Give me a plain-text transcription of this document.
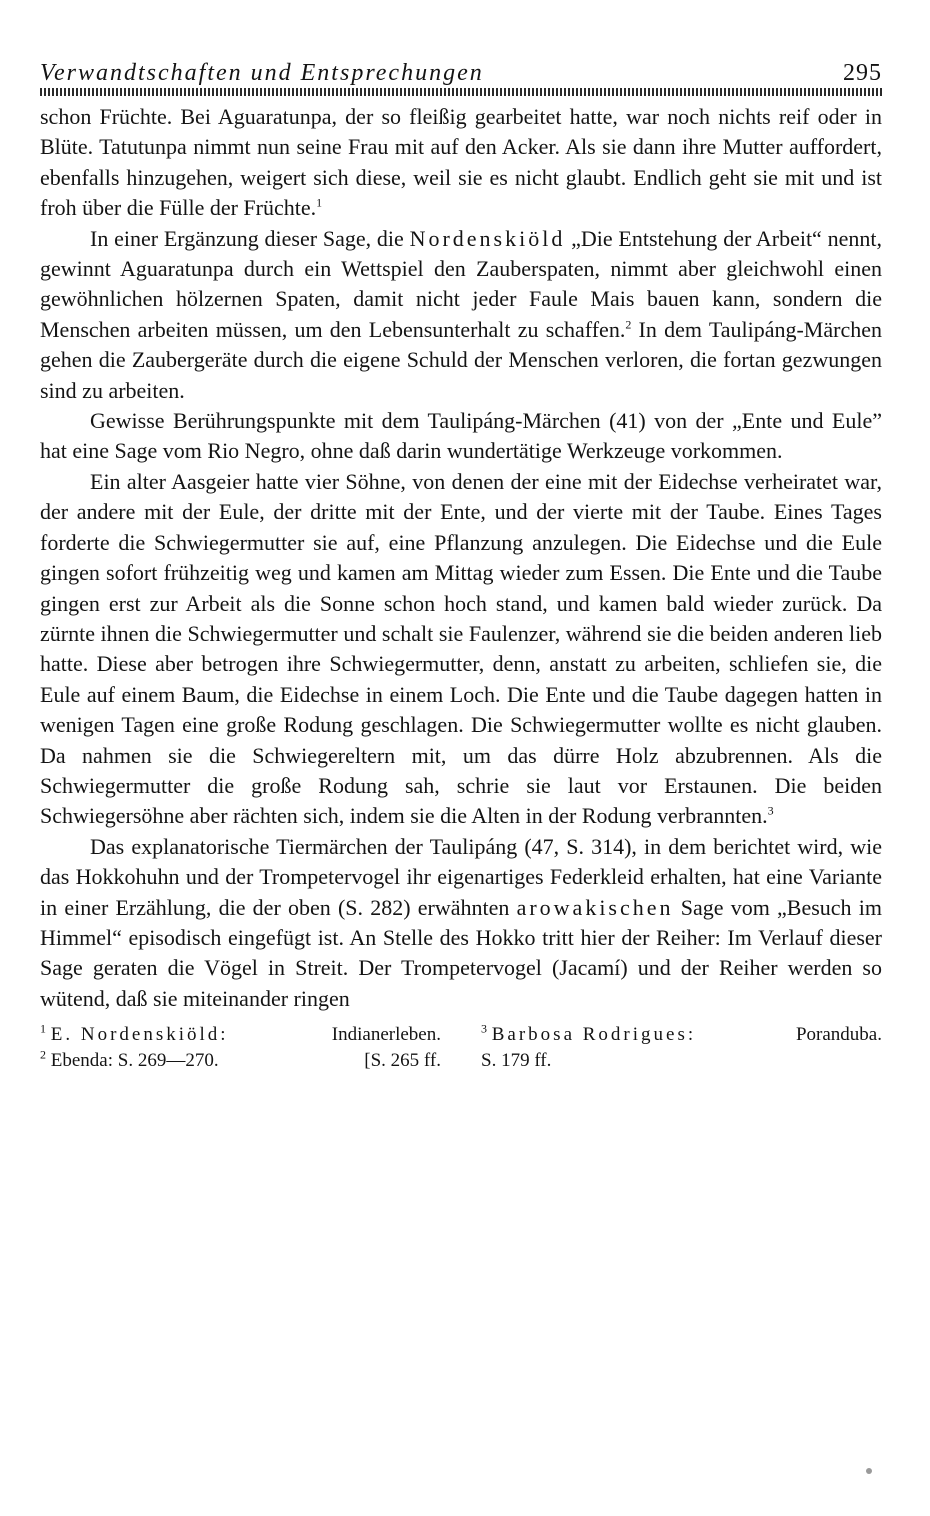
Verwandtschaften und Entsprechungen	295

schon Früchte. Bei Aguaratunpa, der so fleißig gearbeitet hatte, war noch nichts reif oder in Blüte. Tatutunpa nimmt nun seine Frau mit auf den Acker. Als sie dann ihre Mutter auffordert, ebenfalls hinzugehen, weigert sich diese, weil sie es nicht glaubt. Endlich geht sie mit und ist froh über die Fülle der Früchte.$^1$

In einer Ergänzung dieser Sage, die Nordenskiöld „Die Entstehung der Arbeit“ nennt, gewinnt Aguaratunpa durch ein Wettspiel den Zauberspaten, nimmt aber gleichwohl einen gewöhnlichen hölzernen Spaten, damit nicht jeder Faule Mais bauen kann, sondern die Menschen arbeiten müssen, um den Lebensunterhalt zu schaffen.$^2$ In dem Taulipáng-Märchen gehen die Zaubergeräte durch die eigene Schuld der Menschen verloren, die fortan gezwungen sind zu arbeiten.

Gewisse Berührungspunkte mit dem Taulipáng-Märchen (41) von der „Ente und Eule” hat eine Sage vom Rio Negro, ohne daß darin wundertätige Werkzeuge vorkommen.

Ein alter Aasgeier hatte vier Söhne, von denen der eine mit der Eidechse verheiratet war, der andere mit der Eule, der dritte mit der Ente, und der vierte mit der Taube. Eines Tages forderte die Schwiegermutter sie auf, eine Pflanzung anzulegen. Die Eidechse und die Eule gingen sofort frühzeitig weg und kamen am Mittag wieder zum Essen. Die Ente und die Taube gingen erst zur Arbeit als die Sonne schon hoch stand, und kamen bald wieder zurück. Da zürnte ihnen die Schwiegermutter und schalt sie Faulenzer, während sie die beiden anderen lieb hatte. Diese aber betrogen ihre Schwiegermutter, denn, anstatt zu arbeiten, schliefen sie, die Eule auf einem Baum, die Eidechse in einem Loch. Die Ente und die Taube dagegen hatten in wenigen Tagen eine große Rodung geschlagen. Die Schwiegermutter wollte es nicht glauben. Da nahmen sie die Schwiegereltern mit, um das dürre Holz abzubrennen. Als die Schwiegermutter die große Rodung sah, schrie sie laut vor Erstaunen. Die beiden Schwiegersöhne aber rächten sich, indem sie die Alten in der Rodung verbrannten.$^3$

Das explanatorische Tiermärchen der Taulipáng (47, S. 314), in dem berichtet wird, wie das Hokkohuhn und der Trompetervogel ihr eigenartiges Federkleid erhalten, hat eine Variante in einer Erzählung, die der oben (S. 282) erwähnten arowakischen Sage vom „Besuch im Himmel“ episodisch eingefügt ist. An Stelle des Hokko tritt hier der Reiher: Im Verlauf dieser Sage geraten die Vögel in Streit. Der Trompetervogel (Jacamí) und der Reiher werden so wütend, daß sie miteinander ringen

$^1$ E. Nordenskiöld:	Indianerleben.
$^2$ Ebenda: S. 269—270.	[S. 265 ff.
$^3$ Barbosa Rodrigues:	Poranduba.
S. 179 ff.
